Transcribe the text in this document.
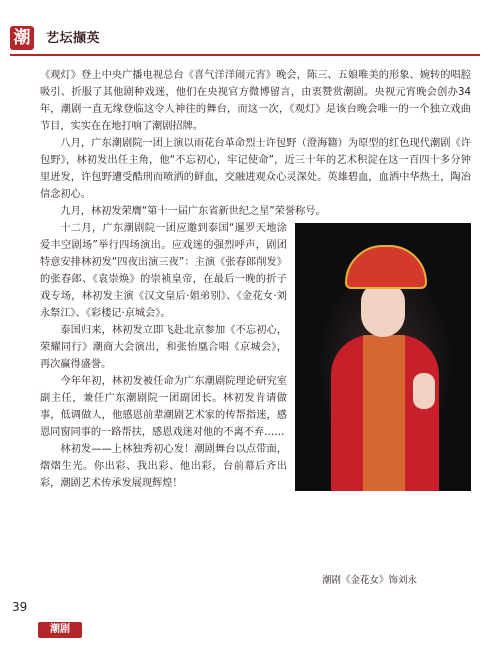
潮 艺坛撷英

《观灯》登上中央广播电视总台《喜气洋洋闹元宵》晚会，陈三、五娘唯美的形象、婉转的唱腔吸引、折服了其他剧种戏迷，他们在央视官方微博留言，由衷赞赏潮剧。央视元宵晚会创办34年，潮剧一直无缘登临这令人神往的舞台，而这一次，《观灯》是该台晚会唯一的一个独立戏曲节目，实实在在地打响了潮剧招牌。

八月，广东潮剧院一团上演以雨花台革命烈士许包野（澄海籍）为原型的红色现代潮剧《许包野》，林初发出任主角，他“不忘初心，牢记使命”，近三十年的艺术积淀在这一百四十多分钟里迸发，许包野遭受酷刑而喷洒的鲜血，交融进观众心灵深处。英雄碧血，血洒中华热土，陶冶信念初心。

九月，林初发荣膺“第十一届广东省新世纪之星”荣誉称号。

十二月，广东潮剧院一团应邀到泰国“暹罗天地涂爱丰空剧场”举行四场演出。应戏迷的强烈呼声，剧团特意安排林初发“四夜出演三夜”：主演《张春郎削发》的张春郎、《袁崇焕》的崇祯皇帝，在最后一晚的折子戏专场，林初发主演《汉文皇后·姐弟别》、《金花女·刘永祭江》、《彩楼记·京城会》。

泰国归来，林初发立即飞赴北京参加《不忘初心，荣耀同行》潮商大会演出，和张怡凰合唱《京城会》，再次赢得盛誉。

今年年初，林初发被任命为广东潮剧院理论研究室副主任，兼任广东潮剧院一团副团长。林初发肯请做事，低调做人，他感恩前辈潮剧艺术家的传帮指迷，感恩同窗同事的一路帮扶，感恩戏迷对他的不离不弃……

林初发——上林独秀初心发！潮剧舞台以点带面，熠熠生光。你出彩、我出彩、他出彩，台前幕后齐出彩，潮剧艺术传承发展现辉煌！

潮剧《金花女》饰刘永
39
潮剧
